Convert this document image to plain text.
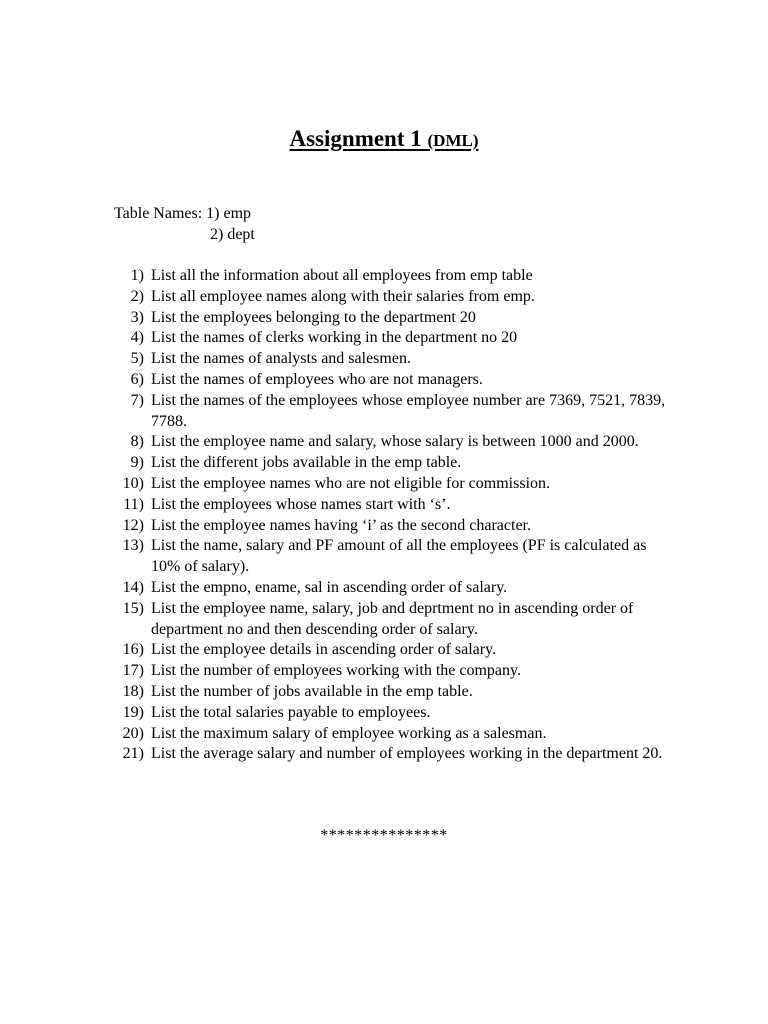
Assignment 1 (DML)
Table Names: 1) emp
2) dept
1) List all the information about all employees from emp table
2) List all employee names along with their salaries from emp.
3) List the employees belonging to the department 20
4) List the names of clerks working in the department no 20
5) List the names of analysts and salesmen.
6) List the names of employees who are not managers.
7) List the names of the employees whose employee number are 7369, 7521, 7839, 7788.
8) List the employee name and salary, whose salary is between 1000 and 2000.
9) List the different jobs available in the emp table.
10) List the employee names who are not eligible for commission.
11) List the employees whose names start with ‘s’.
12) List the employee names having ‘i’ as the second character.
13) List the name, salary and PF amount of all the employees (PF is calculated as 10% of salary).
14) List the empno, ename, sal in ascending order of salary.
15) List the employee name, salary, job and deprtment no in ascending order of department no and then descending order of salary.
16) List the employee details in ascending order of salary.
17) List the number of employees working with the company.
18) List the number of jobs available in the emp table.
19) List the total salaries payable to employees.
20) List the maximum salary of employee working as a salesman.
21) List the average salary and number of employees working in the department 20.
***************
